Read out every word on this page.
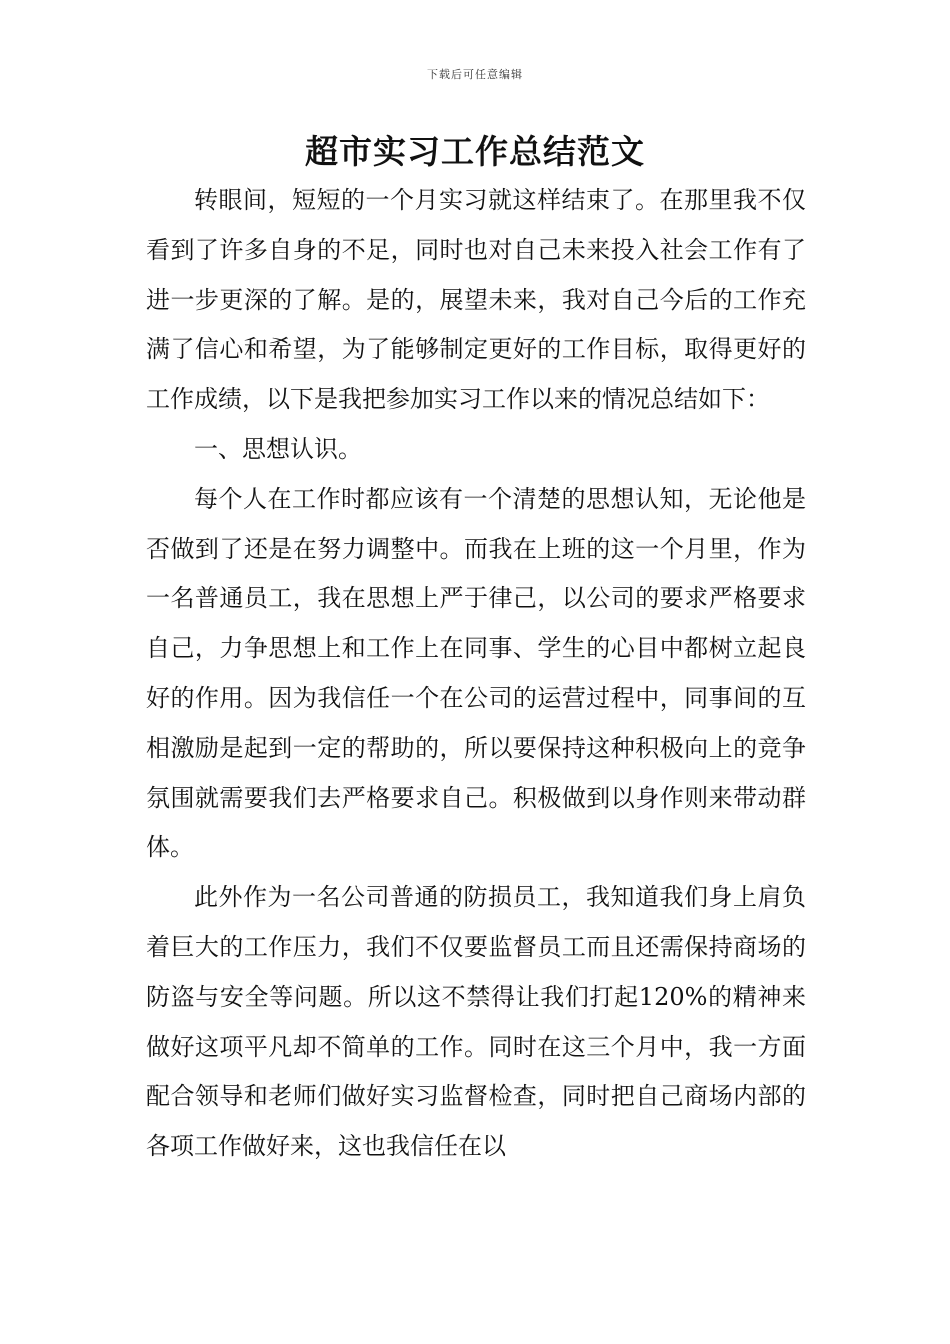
下载后可任意编辑
超市实习工作总结范文

转眼间，短短的一个月实习就这样结束了。在那里我不仅看到了许多自身的不足，同时也对自己未来投入社会工作有了进一步更深的了解。是的，展望未来，我对自己今后的工作充满了信心和希望，为了能够制定更好的工作目标，取得更好的工作成绩，以下是我把参加实习工作以来的情况总结如下：

一、思想认识。

每个人在工作时都应该有一个清楚的思想认知，无论他是否做到了还是在努力调整中。而我在上班的这一个月里，作为一名普通员工，我在思想上严于律己，以公司的要求严格要求自己，力争思想上和工作上在同事、学生的心目中都树立起良好的作用。因为我信任一个在公司的运营过程中，同事间的互相激励是起到一定的帮助的，所以要保持这种积极向上的竞争氛围就需要我们去严格要求自己。积极做到以身作则来带动群体。

此外作为一名公司普通的防损员工，我知道我们身上肩负着巨大的工作压力，我们不仅要监督员工而且还需保持商场的防盗与安全等问题。所以这不禁得让我们打起120%的精神来做好这项平凡却不简单的工作。同时在这三个月中，我一方面配合领导和老师们做好实习监督检查，同时把自己商场内部的各项工作做好来，这也我信任在以
